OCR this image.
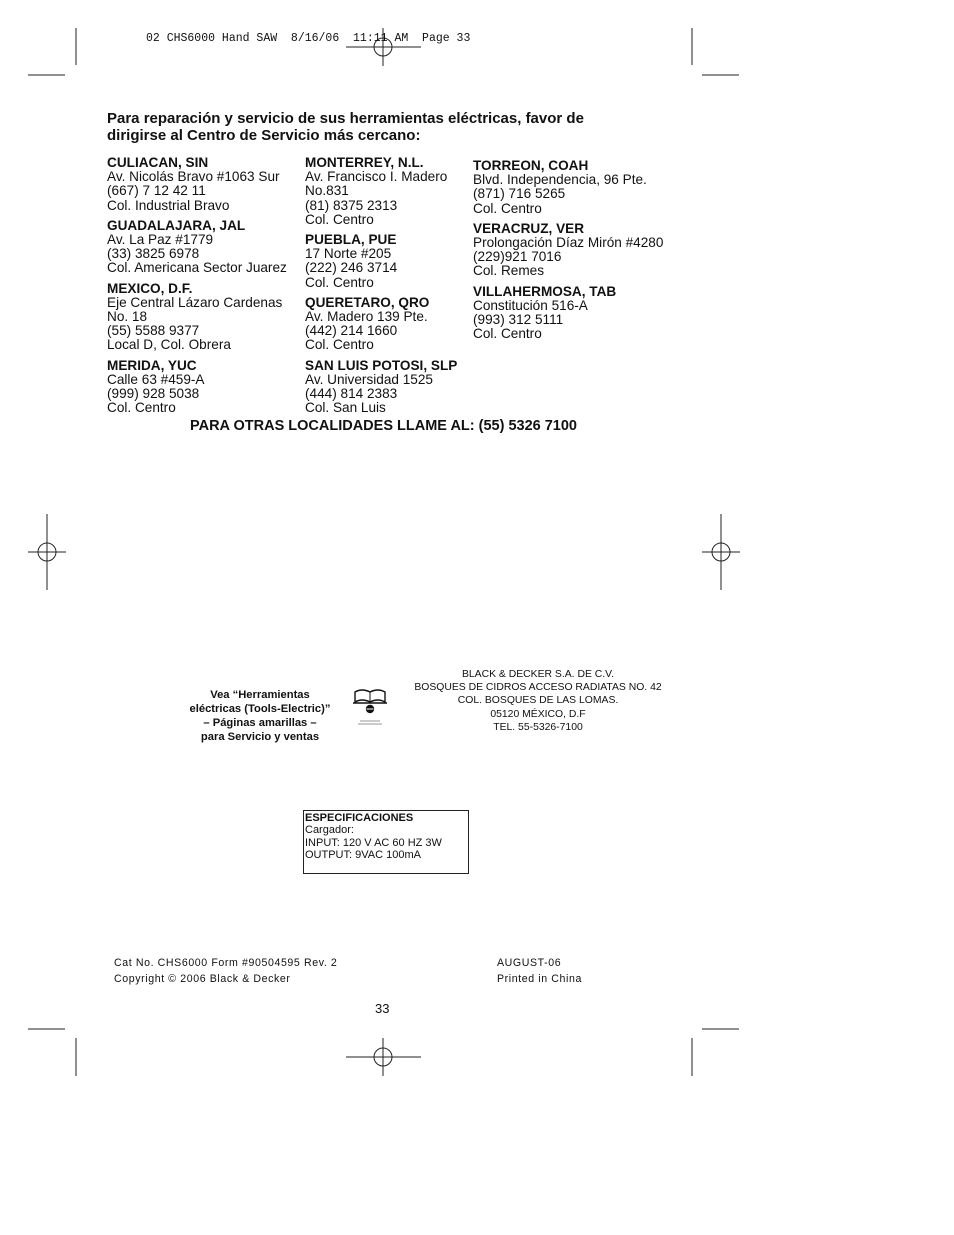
02 CHS6000 Hand SAW  8/16/06  11:11 AM  Page 33
Para reparación y servicio de sus herramientas eléctricas, favor de dirigirse al Centro de Servicio más cercano:
CULIACAN, SIN
Av. Nicolás Bravo #1063 Sur
(667) 7 12 42 11
Col. Industrial Bravo
GUADALAJARA, JAL
Av. La Paz #1779
(33) 3825 6978
Col. Americana Sector Juarez
MEXICO, D.F.
Eje Central Lázaro Cardenas
No. 18
(55) 5588 9377
Local D, Col. Obrera
MERIDA, YUC
Calle 63 #459-A
(999) 928 5038
Col. Centro
MONTERREY, N.L.
Av. Francisco I. Madero
No.831
(81) 8375 2313
Col. Centro
PUEBLA, PUE
17 Norte #205
(222) 246 3714
Col. Centro
QUERETARO, QRO
Av. Madero 139 Pte.
(442) 214 1660
Col. Centro
SAN LUIS POTOSI, SLP
Av. Universidad 1525
(444) 814 2383
Col. San Luis
TORREON, COAH
Blvd. Independencia, 96 Pte.
(871) 716 5265
Col. Centro
VERACRUZ, VER
Prolongación Díaz Mirón #4280
(229)921 7016
Col. Remes
VILLAHERMOSA, TAB
Constitución 516-A
(993) 312 5111
Col. Centro
PARA OTRAS LOCALIDADES LLAME AL: (55) 5326 7100
Vea “Herramientas
eléctricas (Tools-Electric)”
– Páginas amarillas –
para Servicio y ventas
BLACK & DECKER S.A. DE C.V.
BOSQUES DE CIDROS ACCESO RADIATAS NO. 42
COL. BOSQUES DE LAS LOMAS.
05120 MÉXICO, D.F
TEL. 55-5326-7100
ESPECIFICACIONES
Cargador:
INPUT: 120 V AC 60 HZ 3W
OUTPUT: 9VAC 100mA
Cat No. CHS6000 Form #90504595 Rev. 2
Copyright © 2006 Black & Decker
AUGUST-06
Printed in China
33
